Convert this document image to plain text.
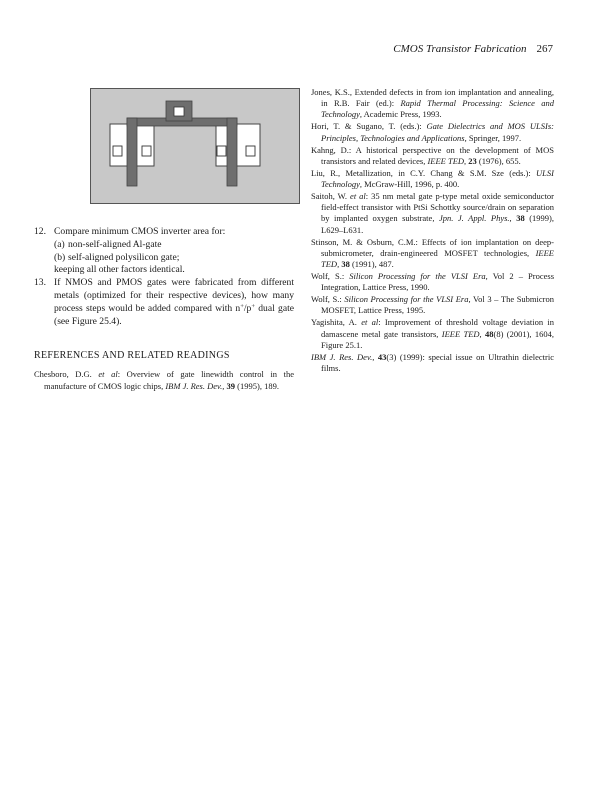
CMOS Transistor Fabrication 267

12. Compare minimum CMOS inverter area for:

(a) non-self-aligned Al-gate

(b) self-aligned polysilicon gate;

keeping all other factors identical.

13. If NMOS and PMOS gates were fabricated from different metals (optimized for their respective devices), how many process steps would be added compared with n+/p+ dual gate (see Figure 25.4).

REFERENCES AND RELATED READINGS

Chesboro, D.G. et al: Overview of gate linewidth control in the manufacture of CMOS logic chips, IBM J. Res. Dev., 39 (1995), 189.

Jones, K.S., Extended defects in from ion implantation and annealing, in R.B. Fair (ed.): Rapid Thermal Processing: Science and Technology, Academic Press, 1993.

Hori, T. & Sugano, T. (eds.): Gate Dielectrics and MOS ULSIs: Principles, Technologies and Applications, Springer, 1997.

Kahng, D.: A historical perspective on the development of MOS transistors and related devices, IEEE TED, 23 (1976), 655.

Liu, R., Metallization, in C.Y. Chang & S.M. Sze (eds.): ULSI Technology, McGraw-Hill, 1996, p. 400.

Saitoh, W. et al: 35 nm metal gate p-type metal oxide semiconductor field-effect transistor with PtSi Schottky source/drain on separation by implanted oxygen substrate, Jpn. J. Appl. Phys., 38 (1999), L629–L631.

Stinson, M. & Osburn, C.M.: Effects of ion implantation on deep-submicrometer, drain-engineered MOSFET technologies, IEEE TED, 38 (1991), 487.

Wolf, S.: Silicon Processing for the VLSI Era, Vol 2 – Process Integration, Lattice Press, 1990.

Wolf, S.: Silicon Processing for the VLSI Era, Vol 3 – The Submicron MOSFET, Lattice Press, 1995.

Yagishita, A. et al: Improvement of threshold voltage deviation in damascene metal gate transistors, IEEE TED, 48(8) (2001), 1604, Figure 25.1.

IBM J. Res. Dev., 43(3) (1999): special issue on Ultrathin dielectric films.
